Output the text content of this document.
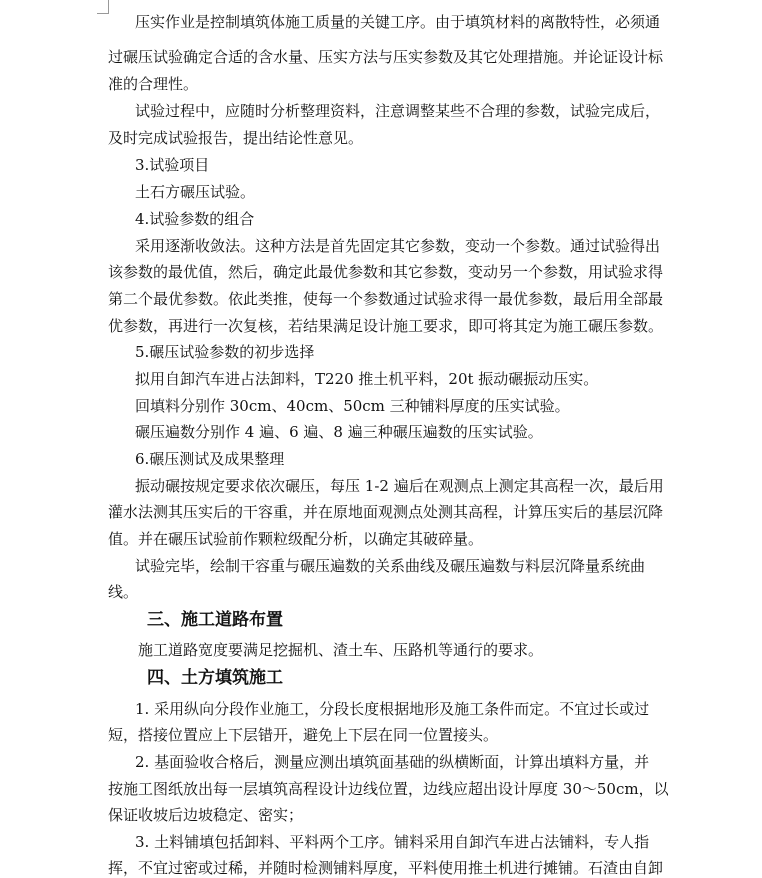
压实作业是控制填筑体施工质量的关键工序。由于填筑材料的离散特性，必须通

过碾压试验确定合适的含水量、压实方法与压实参数及其它处理措施。并论证设计标

准的合理性。

试验过程中，应随时分析整理资料，注意调整某些不合理的参数，试验完成后，

及时完成试验报告，提出结论性意见。

3.试验项目

土石方碾压试验。

4.试验参数的组合

采用逐渐收敛法。这种方法是首先固定其它参数，变动一个参数。通过试验得出

该参数的最优值，然后，确定此最优参数和其它参数，变动另一个参数，用试验求得

第二个最优参数。依此类推，使每一个参数通过试验求得一最优参数，最后用全部最

优参数，再进行一次复核，若结果满足设计施工要求，即可将其定为施工碾压参数。

5.碾压试验参数的初步选择

拟用自卸汽车进占法卸料，T220 推土机平料，20t 振动碾振动压实。

回填料分别作 30cm、40cm、50cm 三种铺料厚度的压实试验。

碾压遍数分别作 4 遍、6 遍、8 遍三种碾压遍数的压实试验。

6.碾压测试及成果整理

振动碾按规定要求依次碾压，每压 1-2 遍后在观测点上测定其高程一次，最后用

灌水法测其压实后的干容重，并在原地面观测点处测其高程，计算压实后的基层沉降

值。并在碾压试验前作颗粒级配分析，以确定其破碎量。

试验完毕，绘制干容重与碾压遍数的关系曲线及碾压遍数与料层沉降量系统曲

线。

三、施工道路布置

施工道路宽度要满足挖掘机、渣土车、压路机等通行的要求。

四、土方填筑施工

1. 采用纵向分段作业施工，分段长度根据地形及施工条件而定。不宜过长或过

短，搭接位置应上下层错开，避免上下层在同一位置接头。

2. 基面验收合格后，测量应测出填筑面基础的纵横断面，计算出填料方量，并

按施工图纸放出每一层填筑高程设计边线位置，边线应超出设计厚度 30～50cm，以

保证收坡后边坡稳定、密实；

3. 土料铺填包括卸料、平料两个工序。铺料采用自卸汽车进占法铺料，专人指

挥，不宜过密或过稀，并随时检测铺料厚度，平料使用推土机进行摊铺。石渣由自卸
